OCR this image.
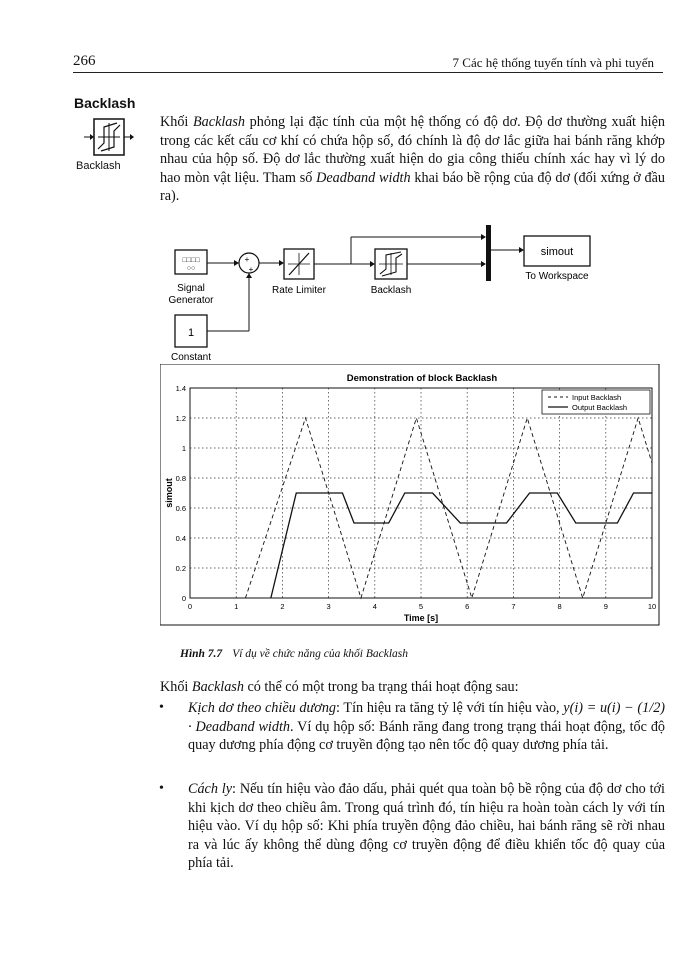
266	7 Các hệ thống tuyến tính và phi tuyến
Backlash
Backlash
Khối Backlash phỏng lại đặc tính của một hệ thống có độ dơ. Độ dơ thường xuất hiện trong các kết cấu cơ khí có chứa hộp số, đó chính là độ dơ lắc giữa hai bánh răng khớp nhau của hộp số. Độ dơ lắc thường xuất hiện do gia công thiếu chính xác hay vì lý do hao mòn vật liệu. Tham số Deadband width khai báo bề rộng của độ dơ (đối xứng ở đầu ra).
□□□□
○○
Signal
Generator
+
+
Rate Limiter	Backlash
simout
To Workspace
1
Constant
Demonstration of block Backlash
0	1	2	3	4	5	6	7	8	9	10
0
0.2
0.4
0.6
0.8
1
1.2
1.4
Time [s]
simout
Input Backlash
Output Backlash
Hình 7.7 Ví dụ về chức năng của khối Backlash
Khối Backlash có thể có một trong ba trạng thái hoạt động sau:
• Kịch dơ theo chiều dương: Tín hiệu ra tăng tỷ lệ với tín hiệu vào, y(i) = u(i) − (1/2) · Deadband width. Ví dụ hộp số: Bánh răng đang trong trạng thái hoạt động, tốc độ quay dương phía động cơ truyền động tạo nên tốc độ quay dương phía tải.
• Cách ly: Nếu tín hiệu vào đảo dấu, phải quét qua toàn bộ bề rộng của độ dơ cho tới khi kịch dơ theo chiều âm. Trong quá trình đó, tín hiệu ra hoàn toàn cách ly với tín hiệu vào. Ví dụ hộp số: Khi phía truyền động đảo chiều, hai bánh răng sẽ rời nhau ra và lúc ấy không thể dùng động cơ truyền động để điều khiển tốc độ quay của phía tải.
